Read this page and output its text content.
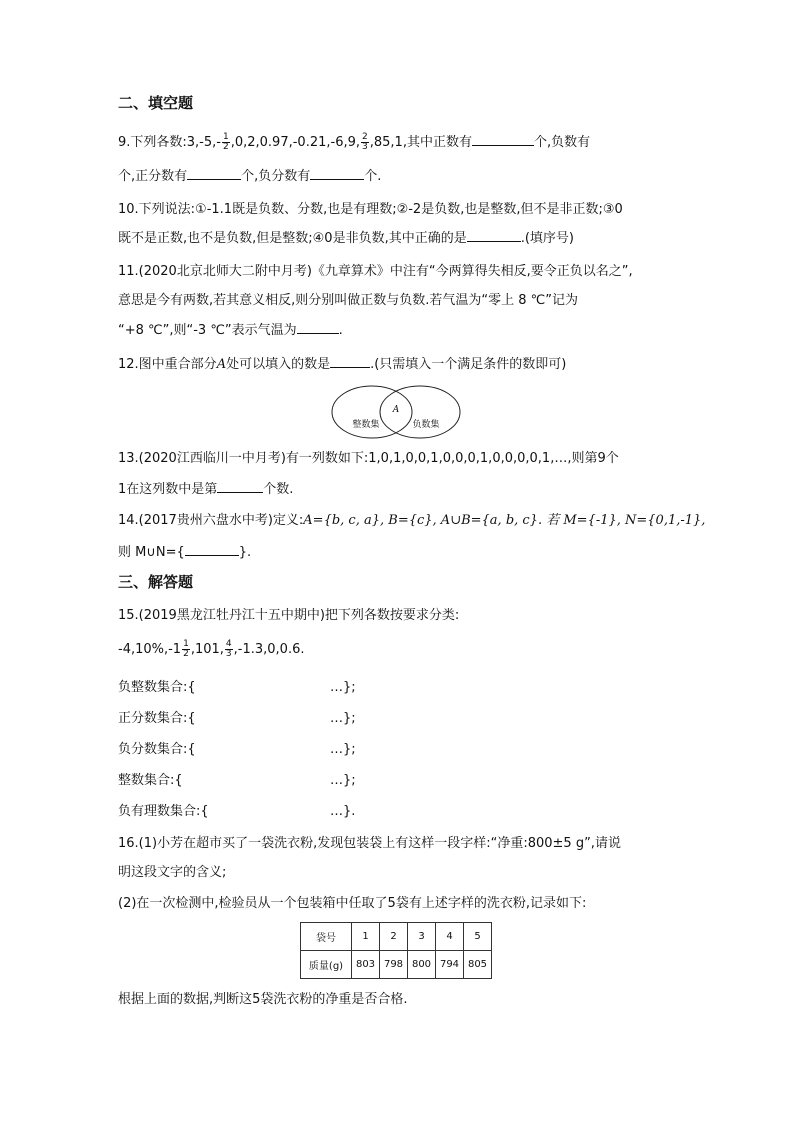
二、填空题
9.下列各数:3,-5,- $\frac{1}{2} ,0,2,0.97,-0.21,-6,9$, $\frac{2}{3} ,85,1$,其中正数有	个,负数有
个,正分数有	个,负分数有	个.
10.下列说法:①-1.1既是负数、分数,也是有理数;②-2是负数,也是整数,但不是非正数;③0
既不是正数,也不是负数,但是整数;④0是非负数,其中正确的是	.(填序号)
11.(2020北京北师大二附中月考)《九章算术》中注有“今两算得失相反,要令正负以名之”,
意思是今有两数,若其意义相反,则分别叫做正数与负数.若气温为“零上 8 ℃”记为
“+8 ℃”,则“-3 ℃”表示气温为	.
12.图中重合部分A处可以填入的数是	.(只需填入一个满足条件的数即可)
整数集	负数集
A
13.(2020江西临川一中月考)有一列数如下:1,0,1,0,0,1,0,0,0,1,0,0,0,0,1,…,则第9个
1在这列数中是第	个数.
14.(2017贵州六盘水中考)定义:A={b, c, a}, B={c}, A∪B={a, b, c}. 若 M={-1}, N={0,1,-1},
则 M∪N={	}.
三、解答题
15.(2019黑龙江牡丹江十五中期中)把下列各数按要求分类:
$-4,10\%,-1 \frac{1}{2} ,101$, $\frac{4}{3} ,-1.3,0,0.6$.
负整数集合:{	…};
正分数集合:{	…};
负分数集合:{	…};
整数集合:{	…};
负有理数集合:{	…}.
16.(1)小芳在超市买了一袋洗衣粉,发现包装袋上有这样一段字样:“净重:800±5 g”,请说
明这段文字的含义;
(2)在一次检测中,检验员从一个包装箱中任取了5袋有上述字样的洗衣粉,记录如下:
袋号	1	2	3	4	5
质量(g)	803	798	800	794	805
根据上面的数据,判断这5袋洗衣粉的净重是否合格.
